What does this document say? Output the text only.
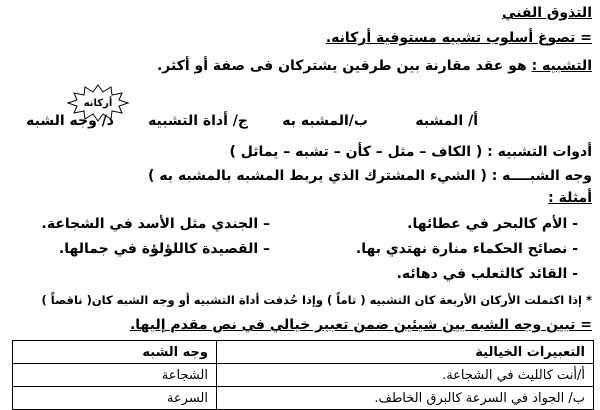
التذوق الفني
= تصوغ أسلوب تشبيه مستوفية أركانه.
التشبيه : هو عقد مقارنة بين طرفين يشتركان فى صفة أو أكثر.
أركانه
أ/ المشبه
ب/المشبه به
ج/ أداة التشبيه
د/ وجه الشبه
أدوات التشبيه : ( الكاف – مثل – كأن – تشبه – يماثل )
وجه الشبــــه : ( الشيء المشترك الذي يربط المشبه بالمشبه به )
أمثلة :
- الأم كالبحر في عطائها.
– الجندي مثل الأسد في الشجاعة.
- نصائح الحكماء منارة نهتدي بها.
– القصيدة كاللؤلؤة في جمالها.
- القائد كالثعلب في دهائه.
* إذا اكتملت الأركان الأربعة كان التشبيه ( تاماً ) وإذا حُذفت أداة التشبيه أو وجه الشبه كان( ناقصاً )
= تبين وجه الشبه بين شيئين ضمن تعبير خيالي في نص مقدم إليها.
التعبيرات الخيالية	وجه الشبه
أ/أنت كالليث في الشجاعة.	الشجاعة
ب/ الجواد في السرعة كالبرق الخاطف.	السرعة
